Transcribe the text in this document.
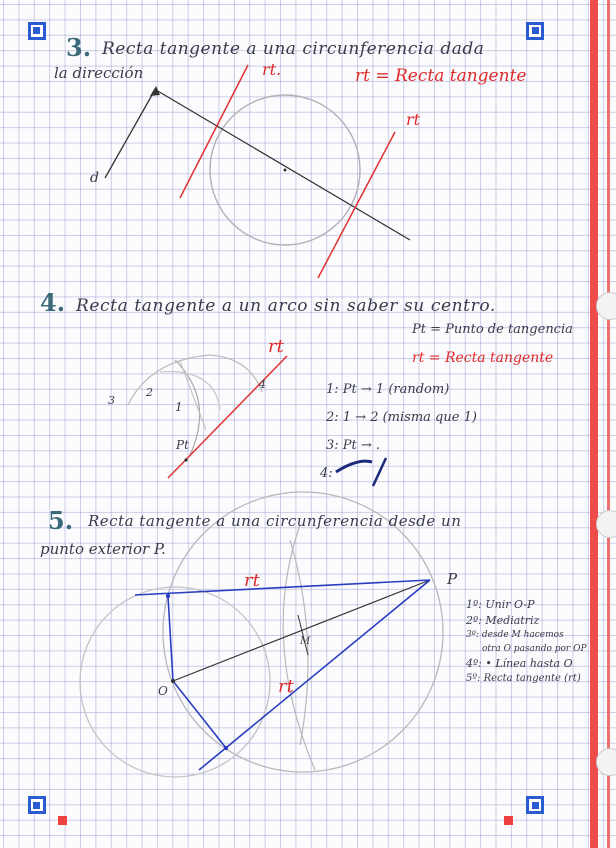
3. Recta tangente a una circunferencia dada
la dirección	rt.	rt = Recta tangente
rt
d
4. Recta tangente a un arco sin saber su centro.
Pt = Punto de tangencia
rt = Recta tangente
rt
3
2
1
4
Pt
1: Pt → 1 (random)
2: 1 → 2 (misma que 1)
3: Pt → .
4:
5. Recta tangente a una circunferencia desde un
punto exterior P.
P
rt
rt
O
M
1º: Unir O-P
2º: Mediatriz
3º: desde M hacemos
otra O pasando por OP
4º: • Línea hasta O
5º: Recta tangente (rt)
